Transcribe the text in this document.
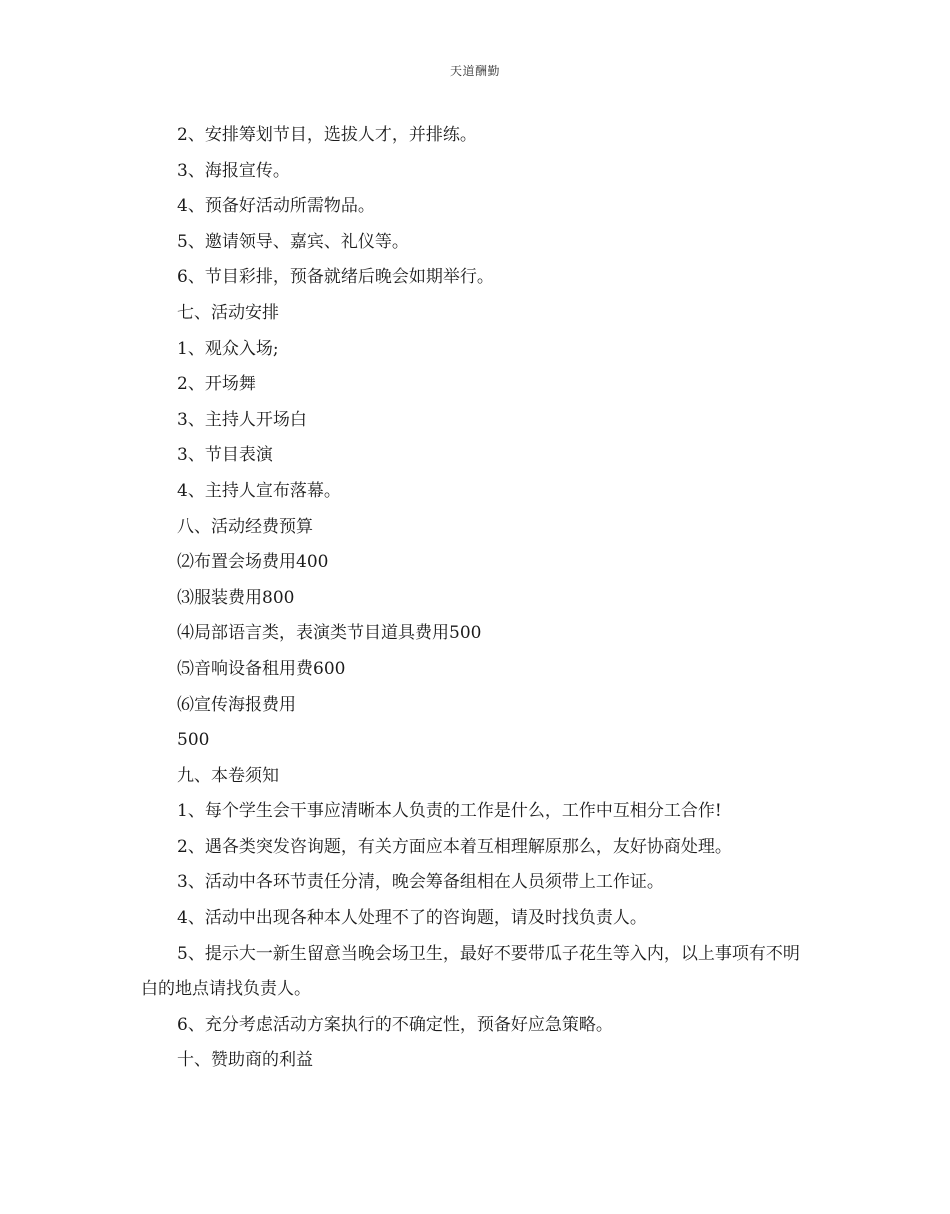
天道酬勤
2、安排筹划节目，选拔人才，并排练。
3、海报宣传。
4、预备好活动所需物品。
5、邀请领导、嘉宾、礼仪等。
6、节目彩排，预备就绪后晚会如期举行。
七、活动安排
1、观众入场;
2、开场舞
3、主持人开场白
3、节目表演
4、主持人宣布落幕。
八、活动经费预算
⑵布置会场费用400
⑶服装费用800
⑷局部语言类，表演类节目道具费用500
⑸音响设备租用费600
⑹宣传海报费用
500
九、本卷须知
1、每个学生会干事应清晰本人负责的工作是什么，工作中互相分工合作!
2、遇各类突发咨询题，有关方面应本着互相理解原那么，友好协商处理。
3、活动中各环节责任分清，晚会筹备组相在人员须带上工作证。
4、活动中出现各种本人处理不了的咨询题，请及时找负责人。
5、提示大一新生留意当晚会场卫生，最好不要带瓜子花生等入内，以上事项有不明白的地点请找负责人。
6、充分考虑活动方案执行的不确定性，预备好应急策略。
十、赞助商的利益
